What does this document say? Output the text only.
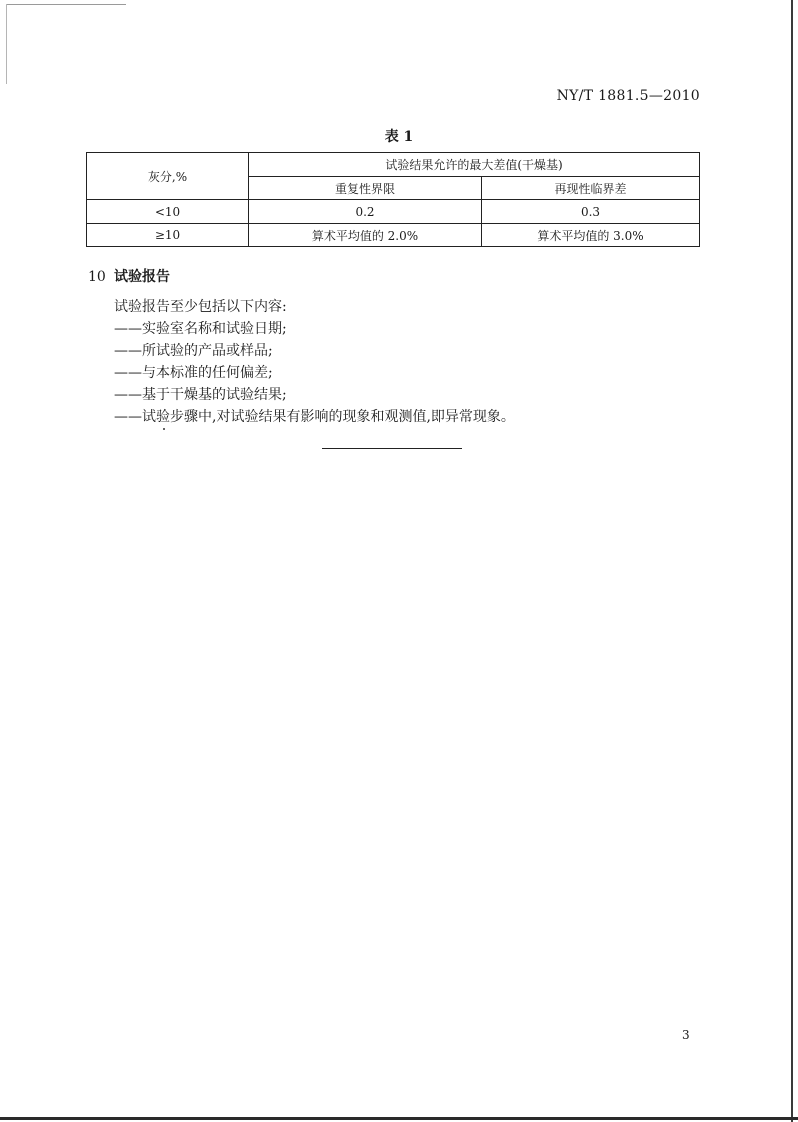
NY/T 1881.5—2010
表 1
灰分,%	试验结果允许的最大差值(干燥基)	
	重复性界限	再现性临界差
<10	0.2	0.3
≥10	算术平均值的 2.0%	算术平均值的 3.0%
10 试验报告
试验报告至少包括以下内容:
——实验室名称和试验日期;
——所试验的产品或样品;
——与本标准的任何偏差;
——基于干燥基的试验结果;
——试验步骤中,对试验结果有影响的现象和观测值,即异常现象。
3
